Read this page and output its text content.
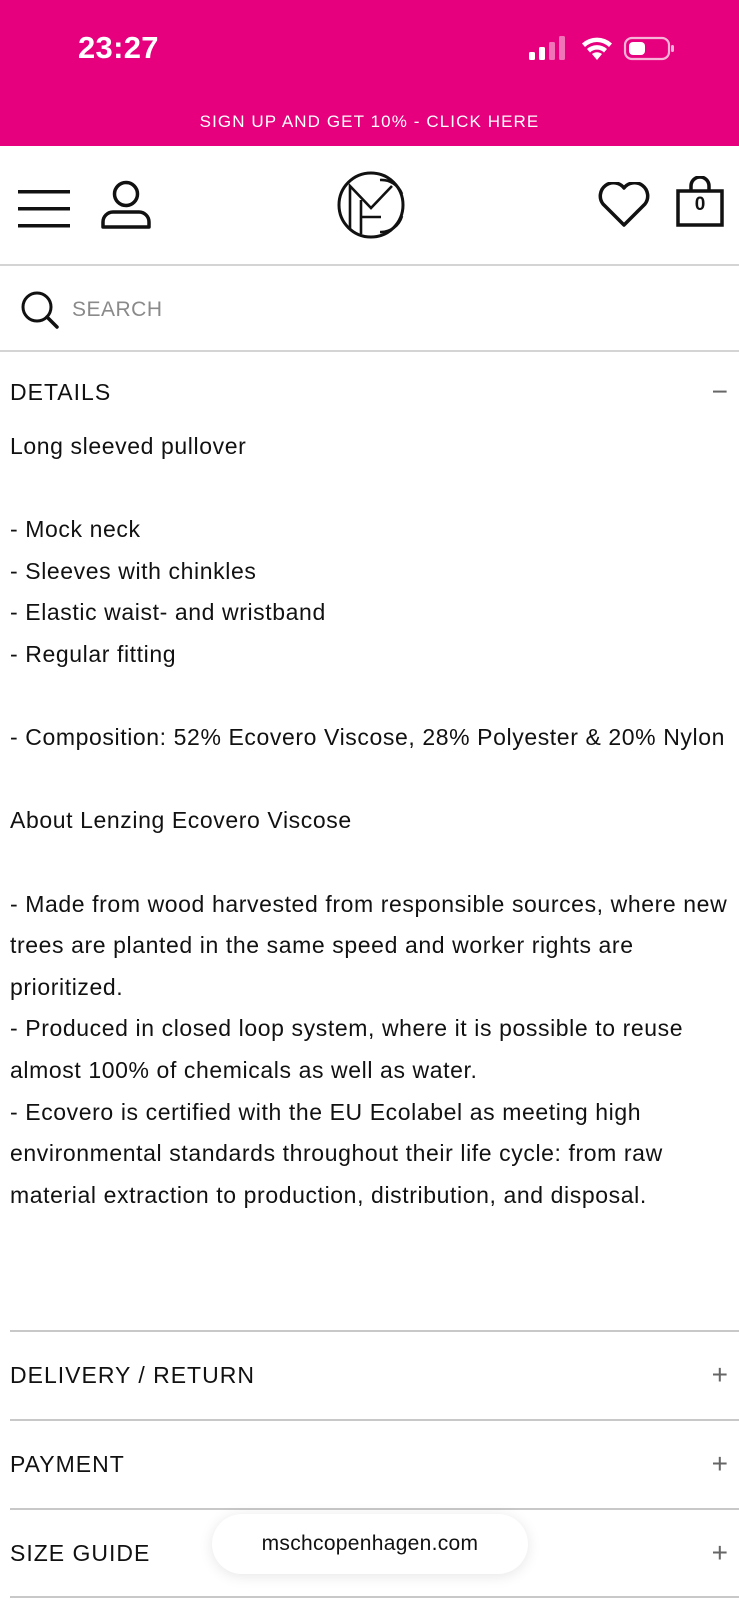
23:27
SIGN UP AND GET 10% - CLICK HERE
0
SEARCH
DETAILS	−

Long sleeved pullover

- Mock neck

- Sleeves with chinkles

- Elastic waist- and wristband

- Regular fitting

- Composition: 52% Ecovero Viscose, 28% Polyester & 20% Nylon

About Lenzing Ecovero Viscose

- Made from wood harvested from responsible sources, where new trees are planted in the same speed and worker rights are prioritized.

- Produced in closed loop system, where it is possible to reuse almost 100% of chemicals as well as water.

- Ecovero is certified with the EU Ecolabel as meeting high environmental standards throughout their life cycle: from raw material extraction to production, distribution, and disposal.

DELIVERY / RETURN	+
PAYMENT	+
SIZE GUIDE	+
mschcopenhagen.com
